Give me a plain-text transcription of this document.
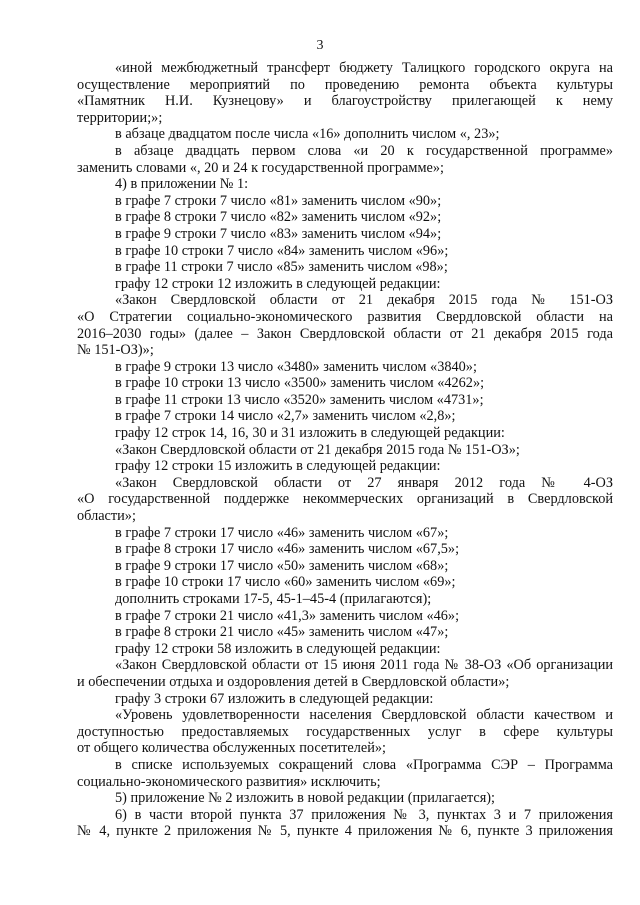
3

«иной межбюджетный трансферт бюджету Талицкого городского округа на

осуществление мероприятий по проведению ремонта объекта культуры

«Памятник Н.И. Кузнецову» и благоустройству прилегающей к нему

территории;»;

в абзаце двадцатом после числа «16» дополнить числом «, 23»;

в абзаце двадцать первом слова «и 20 к государственной программе»

заменить словами «, 20 и 24 к государственной программе»;

4) в приложении № 1:

в графе 7 строки 7 число «81» заменить числом «90»;

в графе 8 строки 7 число «82» заменить числом «92»;

в графе 9 строки 7 число «83» заменить числом «94»;

в графе 10 строки 7 число «84» заменить числом «96»;

в графе 11 строки 7 число «85» заменить числом «98»;

графу 12 строки 12 изложить в следующей редакции:

«Закон Свердловской области от 21 декабря 2015 года № 151-ОЗ

«О Стратегии социально-экономического развития Свердловской области на

2016–2030 годы» (далее – Закон Свердловской области от 21 декабря 2015 года

№ 151-ОЗ)»;

в графе 9 строки 13 число «3480» заменить числом «3840»;

в графе 10 строки 13 число «3500» заменить числом «4262»;

в графе 11 строки 13 число «3520» заменить числом «4731»;

в графе 7 строки 14 число «2,7» заменить числом «2,8»;

графу 12 строк 14, 16, 30 и 31 изложить в следующей редакции:

«Закон Свердловской области от 21 декабря 2015 года № 151-ОЗ»;

графу 12 строки 15 изложить в следующей редакции:

«Закон Свердловской области от 27 января 2012 года № 4-ОЗ

«О государственной поддержке некоммерческих организаций в Свердловской

области»;

в графе 7 строки 17 число «46» заменить числом «67»;

в графе 8 строки 17 число «46» заменить числом «67,5»;

в графе 9 строки 17 число «50» заменить числом «68»;

в графе 10 строки 17 число «60» заменить числом «69»;

дополнить строками 17-5, 45-1–45-4 (прилагаются);

в графе 7 строки 21 число «41,3» заменить числом «46»;

в графе 8 строки 21 число «45» заменить числом «47»;

графу 12 строки 58 изложить в следующей редакции:

«Закон Свердловской области от 15 июня 2011 года № 38-ОЗ «Об организации

и обеспечении отдыха и оздоровления детей в Свердловской области»;

графу 3 строки 67 изложить в следующей редакции:

«Уровень удовлетворенности населения Свердловской области качеством и

доступностью предоставляемых государственных услуг в сфере культуры

от общего количества обслуженных посетителей»;

в списке используемых сокращений слова «Программа СЭР – Программа

социально-экономического развития» исключить;

5) приложение № 2 изложить в новой редакции (прилагается);

6) в части второй пункта 37 приложения № 3, пунктах 3 и 7 приложения

№ 4, пункте 2 приложения № 5, пункте 4 приложения № 6, пункте 3 приложения
